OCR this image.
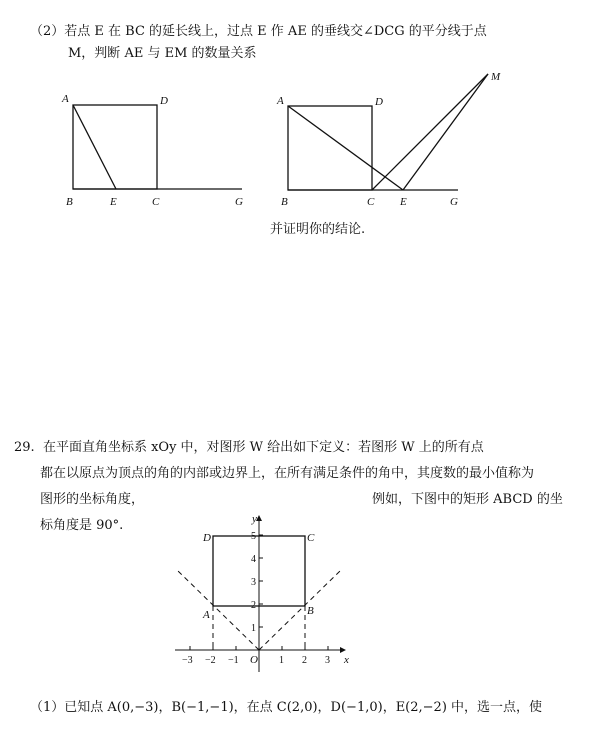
（2）若点 E 在 BC 的延长线上，过点 E 作 AE 的垂线交∠DCG 的平分线于点
M，判断 AE 与 EM 的数量关系
A	D
B	E	C	G
A	D
B	C E	G
M
并证明你的结论.
29. 在平面直角坐标系 xOy 中，对图形 W 给出如下定义：若图形 W 上的所有点
都在以原点为顶点的角的内部或边界上，在所有满足条件的角中，其度数的最小值称为
图形的坐标角度，	例如，下图中的矩形 ABCD 的坐
标角度是 90°.
−3 −2 −1	1 2 3
1
2
3
4
5
x
y
O
D	C
A	B
（1）已知点 A(0,−3)，B(−1,−1)，在点 C(2,0)，D(−1,0)，E(2,−2) 中，选一点，使
